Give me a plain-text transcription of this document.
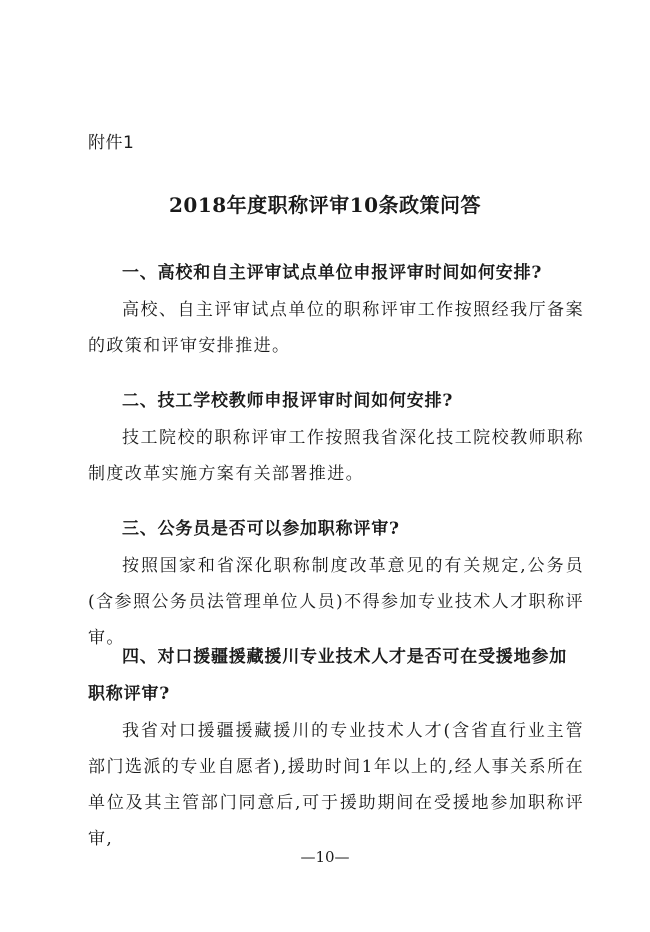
附件1
2018年度职称评审10条政策问答

一、高校和自主评审试点单位申报评审时间如何安排?

高校、自主评审试点单位的职称评审工作按照经我厅备案的政策和评审安排推进。

二、技工学校教师申报评审时间如何安排?

技工院校的职称评审工作按照我省深化技工院校教师职称制度改革实施方案有关部署推进。

三、公务员是否可以参加职称评审?

按照国家和省深化职称制度改革意见的有关规定,公务员(含参照公务员法管理单位人员)不得参加专业技术人才职称评审。

四、对口援疆援藏援川专业技术人才是否可在受援地参加职称评审?

我省对口援疆援藏援川的专业技术人才(含省直行业主管部门选派的专业自愿者),援助时间1年以上的,经人事关系所在单位及其主管部门同意后,可于援助期间在受援地参加职称评审,

—10—
